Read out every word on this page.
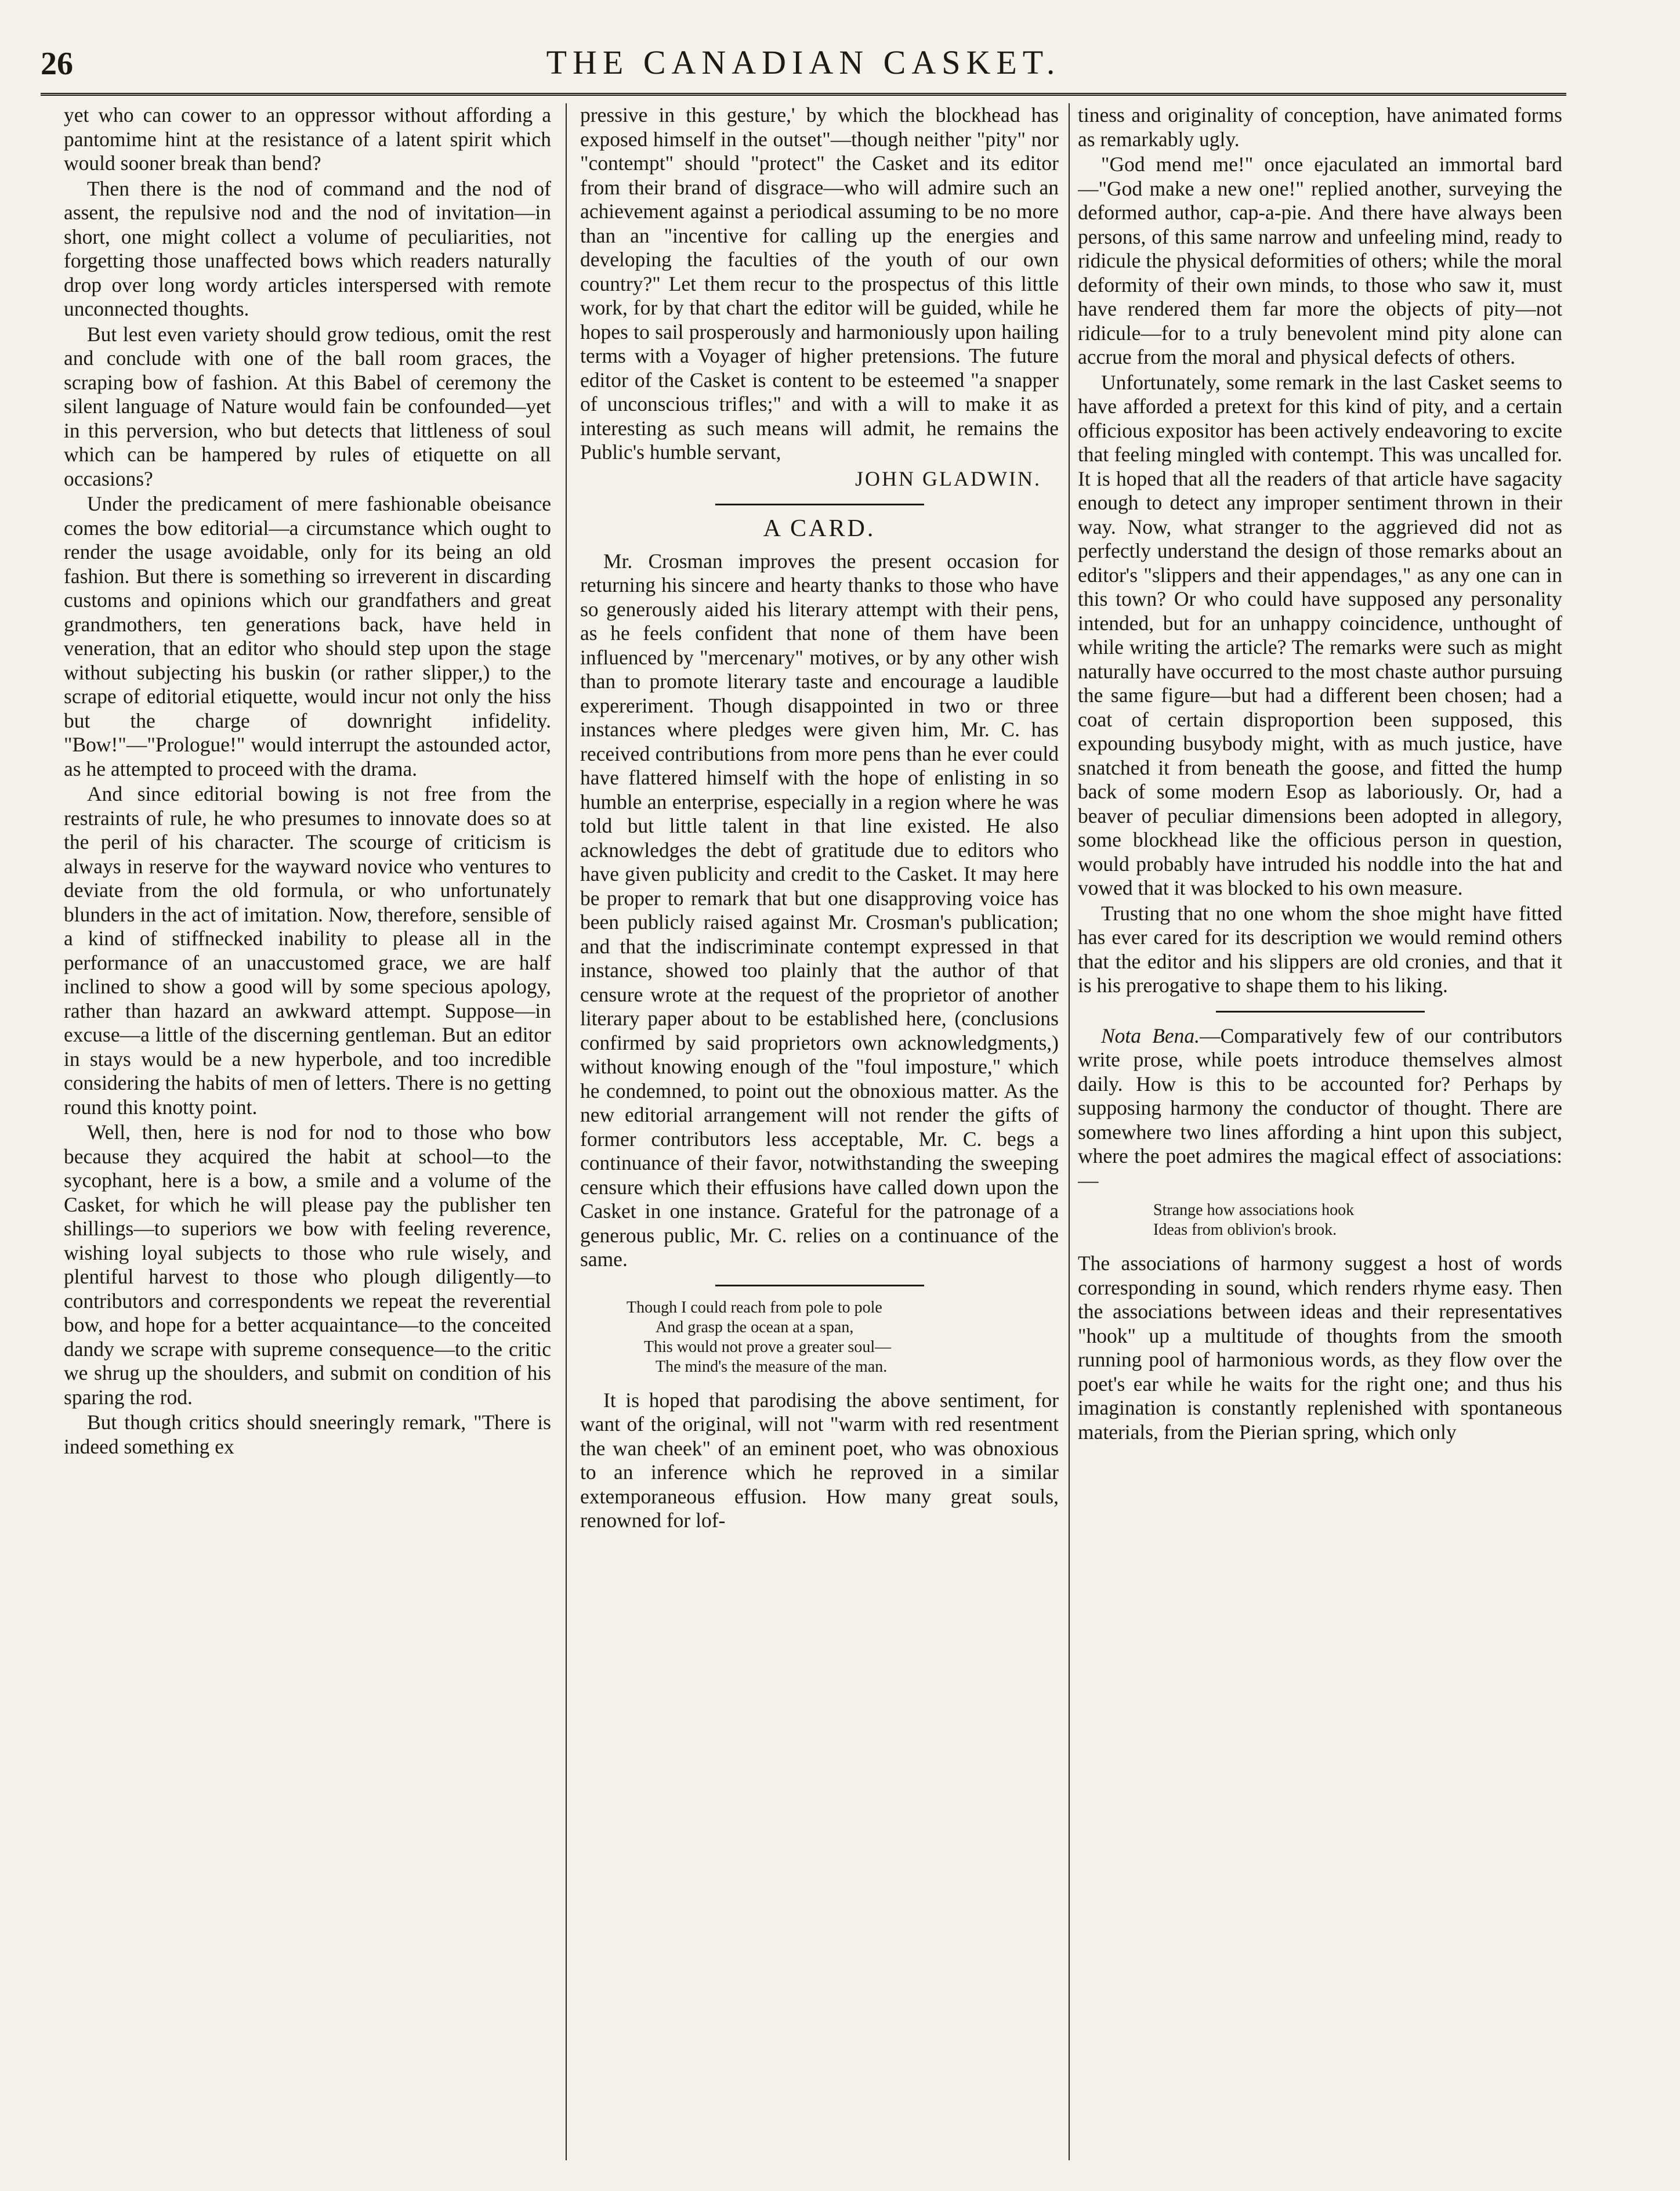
26	THE CANADIAN CASKET.

yet who can cower to an oppressor without affording a pantomime hint at the resistance of a latent spirit which would sooner break than bend?

Then there is the nod of command and the nod of assent, the repulsive nod and the nod of invitation—in short, one might collect a volume of peculiarities, not forgetting those unaffected bows which readers naturally drop over long wordy articles interspersed with remote unconnected thoughts.

But lest even variety should grow tedious, omit the rest and conclude with one of the ball room graces, the scraping bow of fashion. At this Babel of ceremony the silent language of Nature would fain be confounded—yet in this perversion, who but detects that littleness of soul which can be hampered by rules of etiquette on all occasions?

Under the predicament of mere fashionable obeisance comes the bow editorial—a circumstance which ought to render the usage avoidable, only for its being an old fashion. But there is something so irreverent in discarding customs and opinions which our grandfathers and great grandmothers, ten generations back, have held in veneration, that an editor who should step upon the stage without subjecting his buskin (or rather slipper,) to the scrape of editorial etiquette, would incur not only the hiss but the charge of downright infidelity. "Bow!"—"Prologue!" would interrupt the astounded actor, as he attempted to proceed with the drama.

And since editorial bowing is not free from the restraints of rule, he who presumes to innovate does so at the peril of his character. The scourge of criticism is always in reserve for the wayward novice who ventures to deviate from the old formula, or who unfortunately blunders in the act of imitation. Now, therefore, sensible of a kind of stiffnecked inability to please all in the performance of an unaccustomed grace, we are half inclined to show a good will by some specious apology, rather than hazard an awkward attempt. Suppose—in excuse—a little of the discerning gentleman. But an editor in stays would be a new hyperbole, and too incredible considering the habits of men of letters. There is no getting round this knotty point.

Well, then, here is nod for nod to those who bow because they acquired the habit at school—to the sycophant, here is a bow, a smile and a volume of the Casket, for which he will please pay the publisher ten shillings—to superiors we bow with feeling reverence, wishing loyal subjects to those who rule wisely, and plentiful harvest to those who plough diligently—to contributors and correspondents we repeat the reverential bow, and hope for a better acquaintance—to the conceited dandy we scrape with supreme consequence—to the critic we shrug up the shoulders, and submit on condition of his sparing the rod.

But though critics should sneeringly remark, "There is indeed something ex

pressive in this gesture,' by which the blockhead has exposed himself in the outset"—though neither "pity" nor "contempt" should "protect" the Casket and its editor from their brand of disgrace—who will admire such an achievement against a periodical assuming to be no more than an "incentive for calling up the energies and developing the faculties of the youth of our own country?" Let them recur to the prospectus of this little work, for by that chart the editor will be guided, while he hopes to sail prosperously and harmoniously upon hailing terms with a Voyager of higher pretensions. The future editor of the Casket is content to be esteemed "a snapper of unconscious trifles;" and with a will to make it as interesting as such means will admit, he remains the Public's humble servant,

JOHN GLADWIN.
A CARD.

Mr. Crosman improves the present occasion for returning his sincere and hearty thanks to those who have so generously aided his literary attempt with their pens, as he feels confident that none of them have been influenced by "mercenary" motives, or by any other wish than to promote literary taste and encourage a laudible expereriment. Though disappointed in two or three instances where pledges were given him, Mr. C. has received contributions from more pens than he ever could have flattered himself with the hope of enlisting in so humble an enterprise, especially in a region where he was told but little talent in that line existed. He also acknowledges the debt of gratitude due to editors who have given publicity and credit to the Casket. It may here be proper to remark that but one disapproving voice has been publicly raised against Mr. Crosman's publication; and that the indiscriminate contempt expressed in that instance, showed too plainly that the author of that censure wrote at the request of the proprietor of another literary paper about to be established here, (conclusions confirmed by said proprietors own acknowledgments,) without knowing enough of the "foul imposture," which he condemned, to point out the obnoxious matter. As the new editorial arrangement will not render the gifts of former contributors less acceptable, Mr. C. begs a continuance of their favor, notwithstanding the sweeping censure which their effusions have called down upon the Casket in one instance. Grateful for the patronage of a generous public, Mr. C. relies on a continuance of the same.

Though I could reach from pole to pole
And grasp the ocean at a span,
This would not prove a greater soul—
The mind's the measure of the man.

It is hoped that parodising the above sentiment, for want of the original, will not "warm with red resentment the wan cheek" of an eminent poet, who was obnoxious to an inference which he reproved in a similar extemporaneous effusion. How many great souls, renowned for lof-

tiness and originality of conception, have animated forms as remarkably ugly.

"God mend me!" once ejaculated an immortal bard—"God make a new one!" replied another, surveying the deformed author, cap-a-pie. And there have always been persons, of this same narrow and unfeeling mind, ready to ridicule the physical deformities of others; while the moral deformity of their own minds, to those who saw it, must have rendered them far more the objects of pity—not ridicule—for to a truly benevolent mind pity alone can accrue from the moral and physical defects of others.

Unfortunately, some remark in the last Casket seems to have afforded a pretext for this kind of pity, and a certain officious expositor has been actively endeavoring to excite that feeling mingled with contempt. This was uncalled for. It is hoped that all the readers of that article have sagacity enough to detect any improper sentiment thrown in their way. Now, what stranger to the aggrieved did not as perfectly understand the design of those remarks about an editor's "slippers and their appendages," as any one can in this town? Or who could have supposed any personality intended, but for an unhappy coincidence, unthought of while writing the article? The remarks were such as might naturally have occurred to the most chaste author pursuing the same figure—but had a different been chosen; had a coat of certain disproportion been supposed, this expounding busybody might, with as much justice, have snatched it from beneath the goose, and fitted the hump back of some modern Esop as laboriously. Or, had a beaver of peculiar dimensions been adopted in allegory, some blockhead like the officious person in question, would probably have intruded his noddle into the hat and vowed that it was blocked to his own measure.

Trusting that no one whom the shoe might have fitted has ever cared for its description we would remind others that the editor and his slippers are old cronies, and that it is his prerogative to shape them to his liking.

Nota Bena.—Comparatively few of our contributors write prose, while poets introduce themselves almost daily. How is this to be accounted for? Perhaps by supposing harmony the conductor of thought. There are somewhere two lines affording a hint upon this subject, where the poet admires the magical effect of associations:—

Strange how associations hook
Ideas from oblivion's brook.

The associations of harmony suggest a host of words corresponding in sound, which renders rhyme easy. Then the associations between ideas and their representatives "hook" up a multitude of thoughts from the smooth running pool of harmonious words, as they flow over the poet's ear while he waits for the right one; and thus his imagination is constantly replenished with spontaneous materials, from the Pierian spring, which only
